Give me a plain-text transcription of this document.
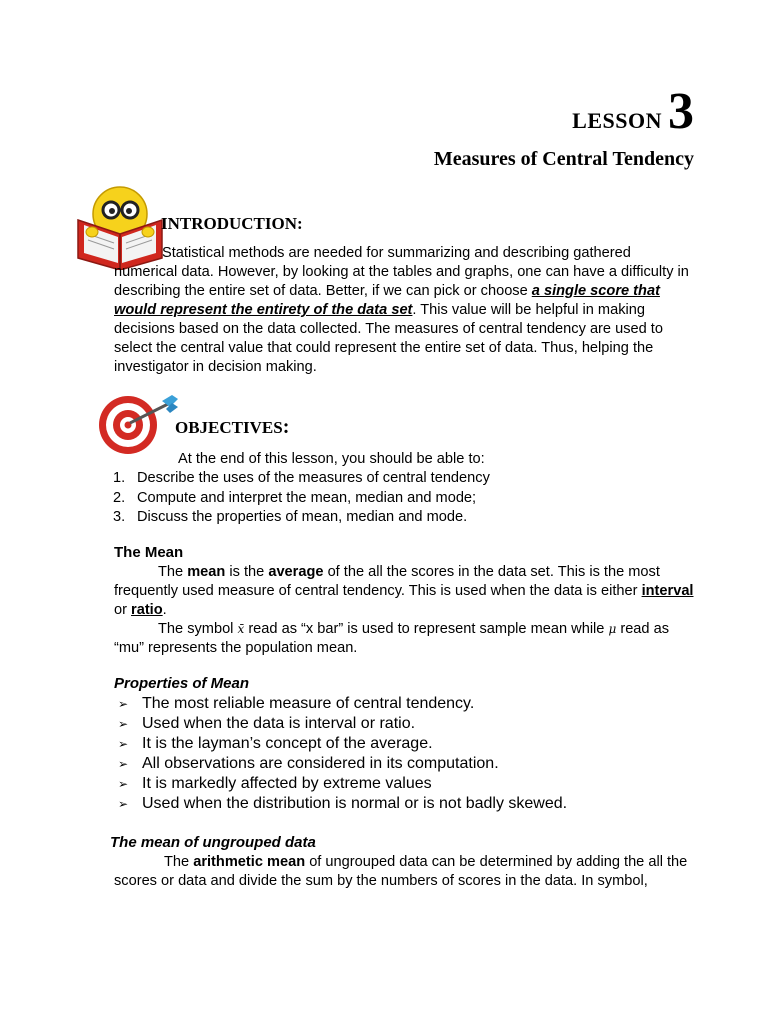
LESSON 3
Measures of Central Tendency
INTRODUCTION:

Statistical methods are needed for summarizing and describing gathered numerical data. However, by looking at the tables and graphs, one can have a difficulty in describing the entire set of data. Better, if we can pick or choose a single score that would represent the entirety of the data set. This value will be helpful in making decisions based on the data collected. The measures of central tendency are used to select the central value that could represent the entire set of data. Thus, helping the investigator in decision making.

OBJECTIVES:
At the end of this lesson, you should be able to:
1. Describe the uses of the measures of central tendency
2. Compute and interpret the mean, median and mode;
3. Discuss the properties of mean, median and mode.
The Mean

The mean is the average of the all the scores in the data set. This is the most frequently used measure of central tendency. This is used when the data is either interval or ratio.

The symbol x̄ read as “x bar” is used to represent sample mean while μ read as “mu” represents the population mean.

Properties of Mean
➢ The most reliable measure of central tendency.
➢ Used when the data is interval or ratio.
➢ It is the layman’s concept of the average.
➢ All observations are considered in its computation.
➢ It is markedly affected by extreme values
➢ Used when the distribution is normal or is not badly skewed.
The mean of ungrouped data

The arithmetic mean of ungrouped data can be determined by adding the all the scores or data and divide the sum by the numbers of scores in the data. In symbol,
